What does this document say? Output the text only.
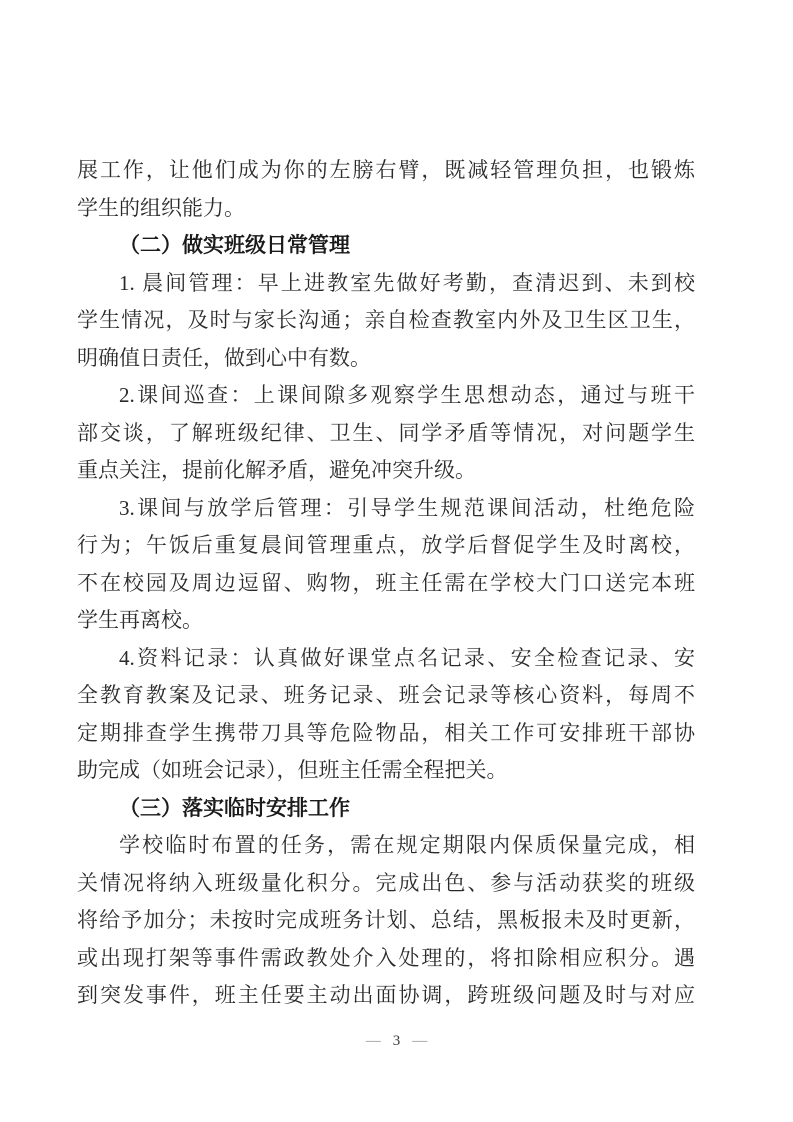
展工作，让他们成为你的左膀右臂，既减轻管理负担，也锻炼
学生的组织能力。
（二）做实班级日常管理
1. 晨间管理：早上进教室先做好考勤，查清迟到、未到校
学生情况，及时与家长沟通；亲自检查教室内外及卫生区卫生，
明确值日责任，做到心中有数。
2.课间巡查：上课间隙多观察学生思想动态，通过与班干
部交谈，了解班级纪律、卫生、同学矛盾等情况，对问题学生
重点关注，提前化解矛盾，避免冲突升级。
3.课间与放学后管理：引导学生规范课间活动，杜绝危险
行为；午饭后重复晨间管理重点，放学后督促学生及时离校，
不在校园及周边逗留、购物，班主任需在学校大门口送完本班
学生再离校。
4.资料记录：认真做好课堂点名记录、安全检查记录、安
全教育教案及记录、班务记录、班会记录等核心资料，每周不
定期排查学生携带刀具等危险物品，相关工作可安排班干部协
助完成（如班会记录），但班主任需全程把关。
（三）落实临时安排工作
学校临时布置的任务，需在规定期限内保质保量完成，相
关情况将纳入班级量化积分。完成出色、参与活动获奖的班级
将给予加分；未按时完成班务计划、总结，黑板报未及时更新，
或出现打架等事件需政教处介入处理的，将扣除相应积分。遇
到突发事件，班主任要主动出面协调，跨班级问题及时与对应
— 3 —
